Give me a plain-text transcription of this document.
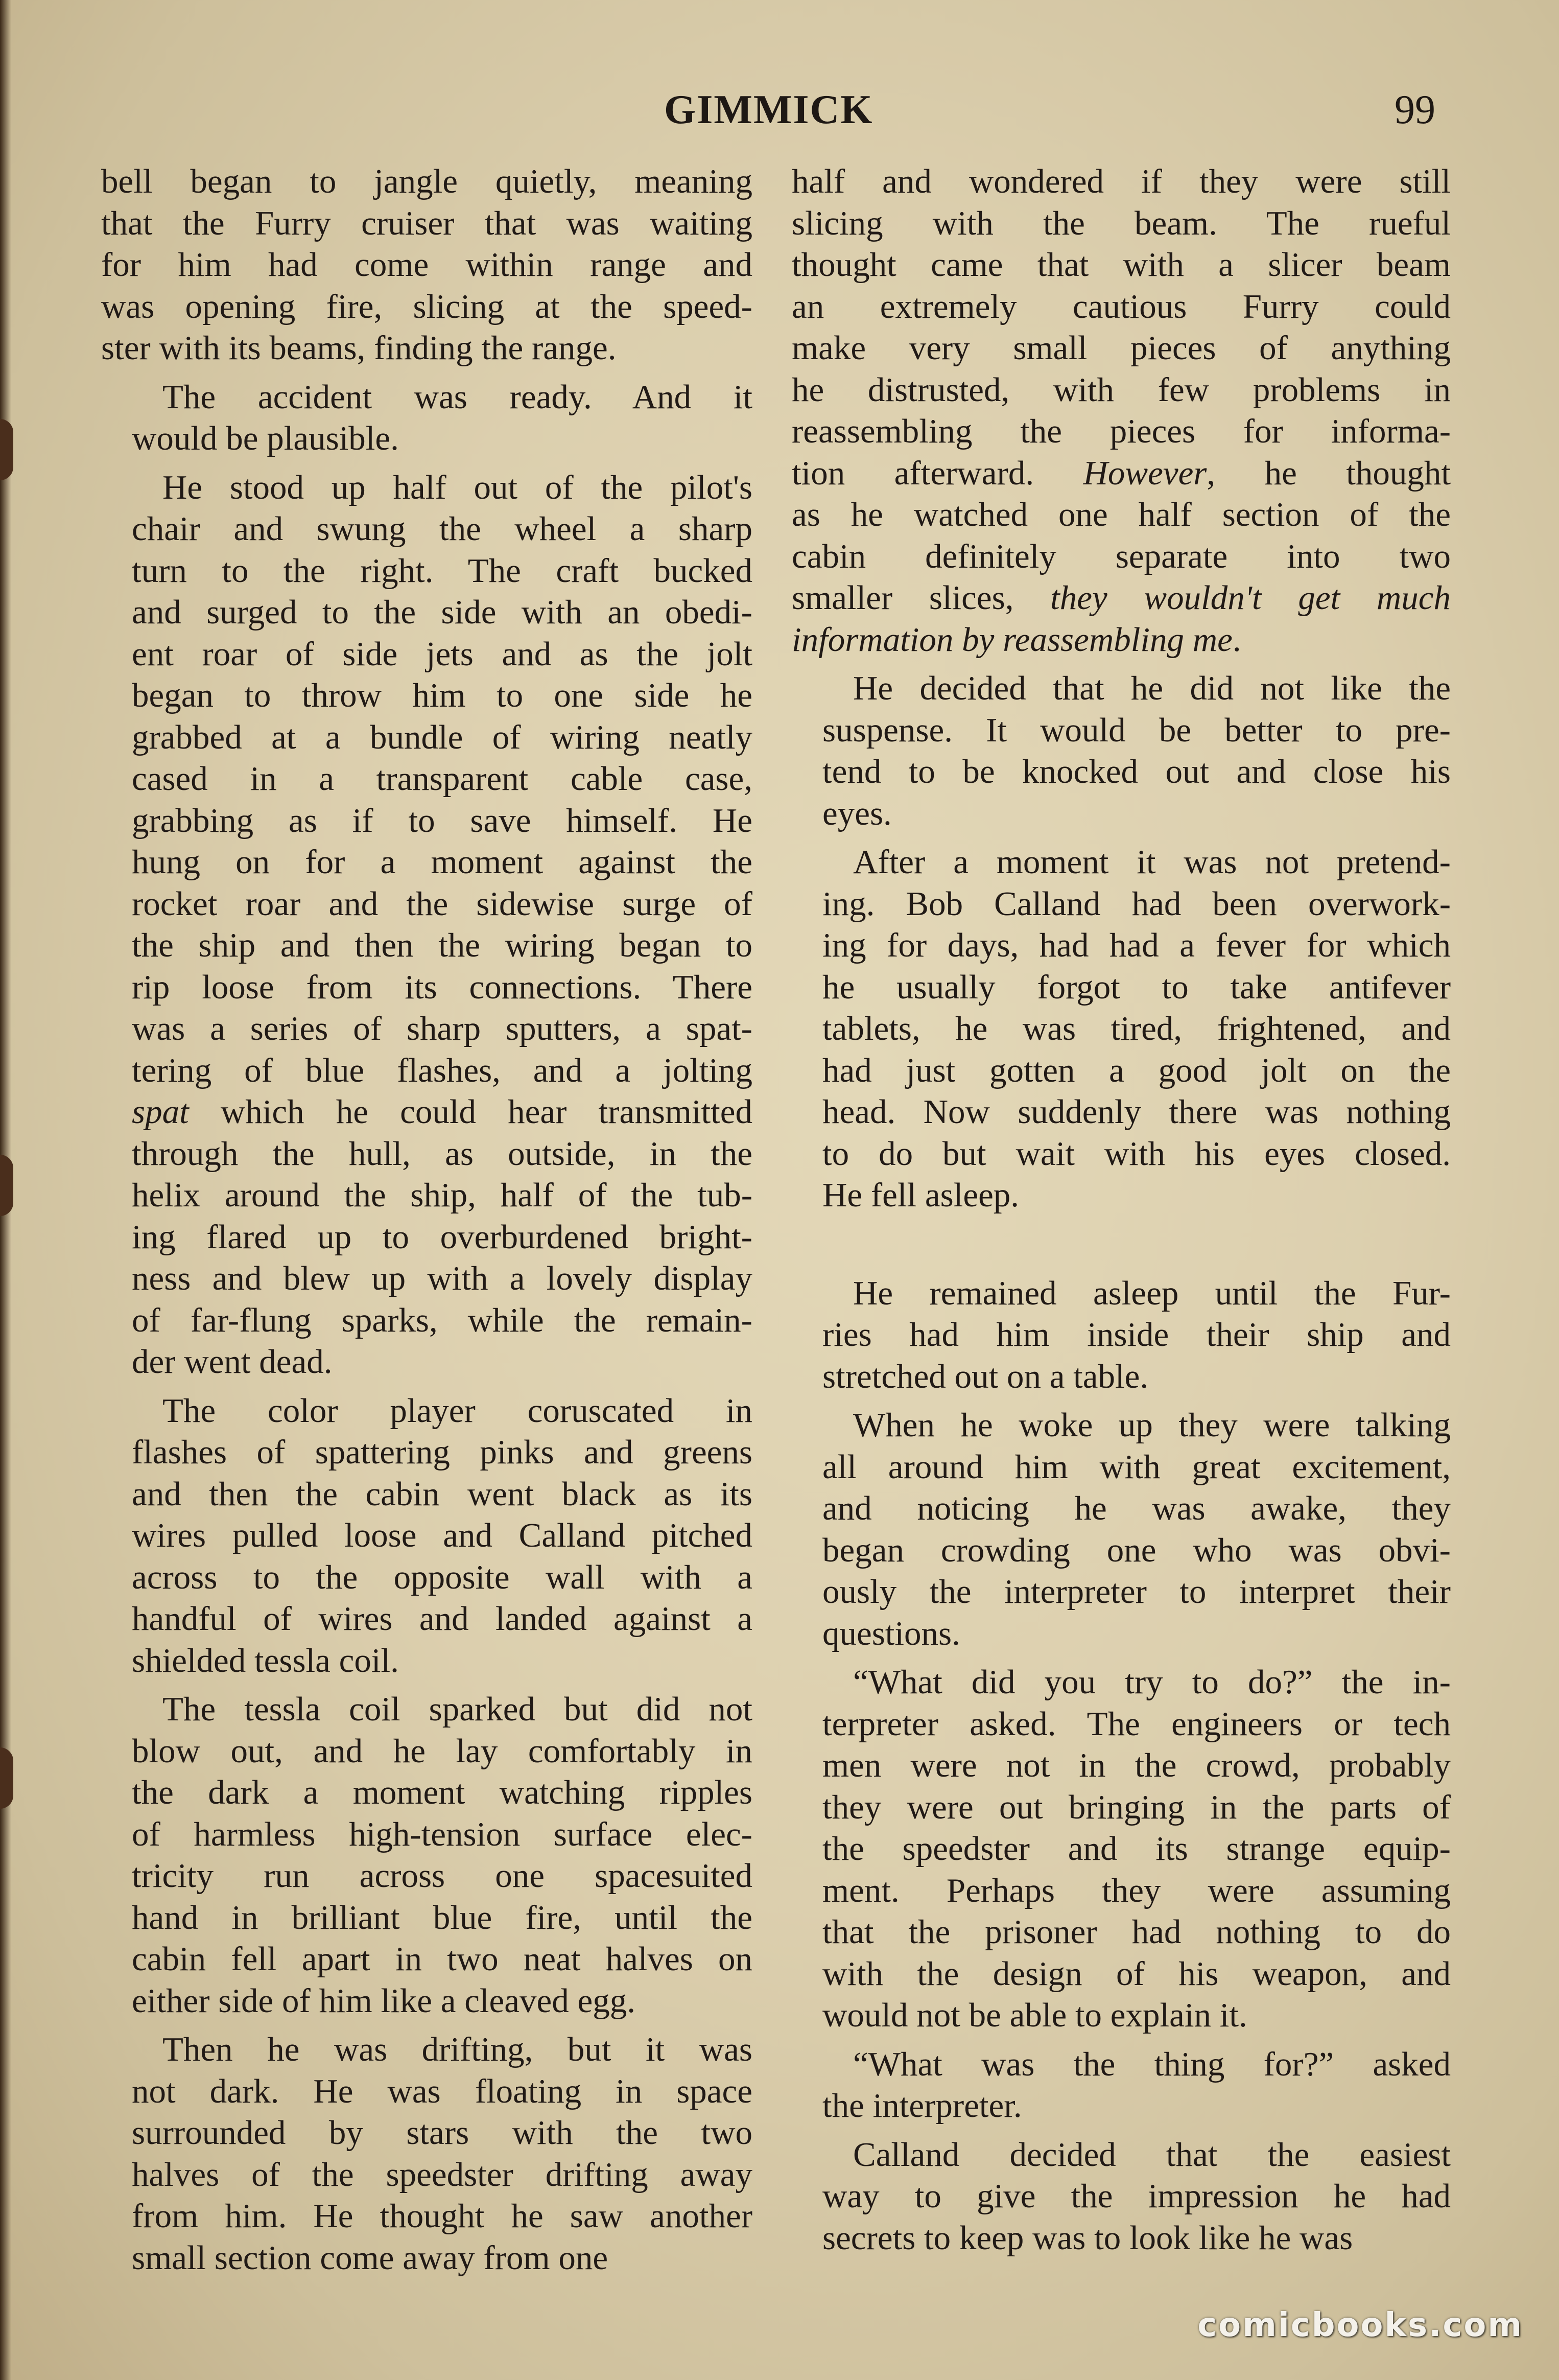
GIMMICK	99

bell began to jangle quietly, meaning
that the Furry cruiser that was waiting
for him had come within range and
was opening fire, slicing at the speed-
ster with its beams, finding the range.

The accident was ready. And it
would be plausible.

He stood up half out of the pilot's
chair and swung the wheel a sharp
turn to the right. The craft bucked
and surged to the side with an obedi-
ent roar of side jets and as the jolt
began to throw him to one side he
grabbed at a bundle of wiring neatly
cased in a transparent cable case,
grabbing as if to save himself. He
hung on for a moment against the
rocket roar and the sidewise surge of
the ship and then the wiring began to
rip loose from its connections. There
was a series of sharp sputters, a spat-
tering of blue flashes, and a jolting
spat which he could hear transmitted
through the hull, as outside, in the
helix around the ship, half of the tub-
ing flared up to overburdened bright-
ness and blew up with a lovely display
of far-flung sparks, while the remain-
der went dead.

The color player coruscated in
flashes of spattering pinks and greens
and then the cabin went black as its
wires pulled loose and Calland pitched
across to the opposite wall with a
handful of wires and landed against a
shielded tessla coil.

The tessla coil sparked but did not
blow out, and he lay comfortably in
the dark a moment watching ripples
of harmless high-tension surface elec-
tricity run across one spacesuited
hand in brilliant blue fire, until the
cabin fell apart in two neat halves on
either side of him like a cleaved egg.

Then he was drifting, but it was
not dark. He was floating in space
surrounded by stars with the two
halves of the speedster drifting away
from him. He thought he saw another
small section come away from one

half and wondered if they were still
slicing with the beam. The rueful
thought came that with a slicer beam
an extremely cautious Furry could
make very small pieces of anything
he distrusted, with few problems in
reassembling the pieces for informa-
tion afterward. However, he thought
as he watched one half section of the
cabin definitely separate into two
smaller slices, they wouldn't get much
information by reassembling me.

He decided that he did not like the
suspense. It would be better to pre-
tend to be knocked out and close his
eyes.

After a moment it was not pretend-
ing. Bob Calland had been overwork-
ing for days, had had a fever for which
he usually forgot to take antifever
tablets, he was tired, frightened, and
had just gotten a good jolt on the
head. Now suddenly there was nothing
to do but wait with his eyes closed.
He fell asleep.

He remained asleep until the Fur-
ries had him inside their ship and
stretched out on a table.

When he woke up they were talking
all around him with great excitement,
and noticing he was awake, they
began crowding one who was obvi-
ously the interpreter to interpret their
questions.

“What did you try to do?” the in-
terpreter asked. The engineers or tech
men were not in the crowd, probably
they were out bringing in the parts of
the speedster and its strange equip-
ment. Perhaps they were assuming
that the prisoner had nothing to do
with the design of his weapon, and
would not be able to explain it.

“What was the thing for?” asked
the interpreter.

Calland decided that the easiest
way to give the impression he had
secrets to keep was to look like he was

comicbooks.com
